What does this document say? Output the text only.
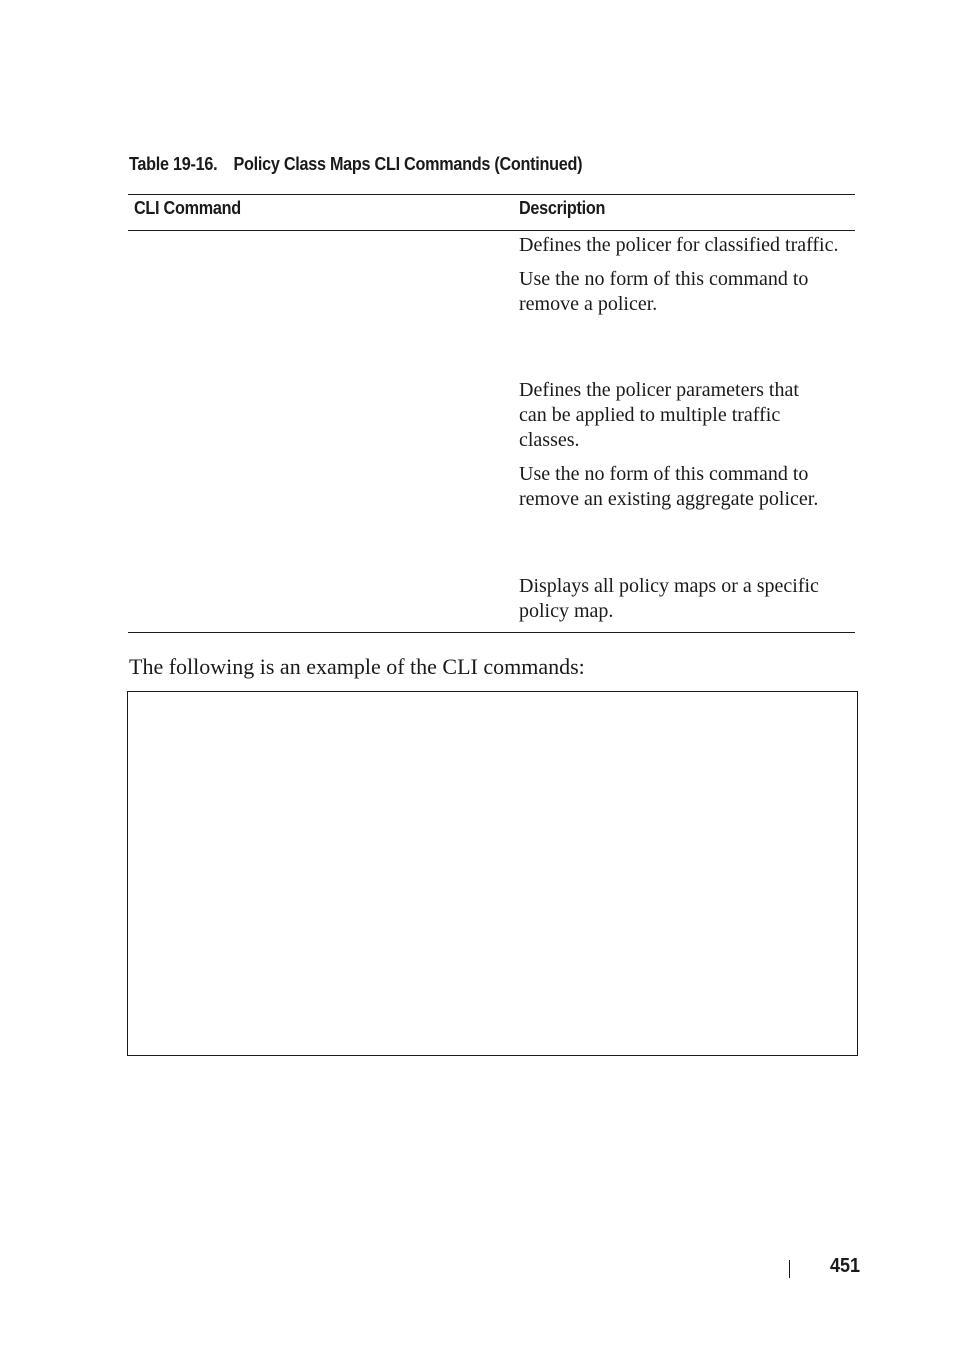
Table 19-16. Policy Class Maps CLI Commands (Continued)
CLI Command	Description
Defines the policer for classified traffic.
Use the no form of this command to
remove a policer.
Defines the policer parameters that
can be applied to multiple traffic
classes.
Use the no form of this command to
remove an existing aggregate policer.
Displays all policy maps or a specific
policy map.
The following is an example of the CLI commands:
451
